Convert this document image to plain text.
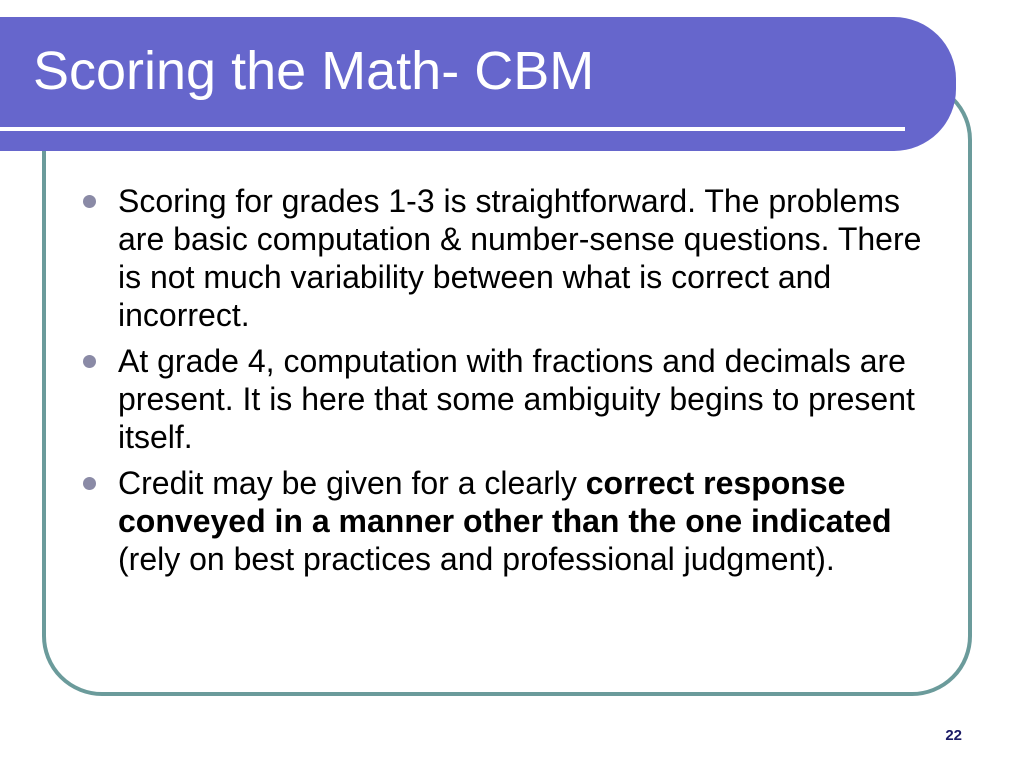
Scoring the Math- CBM
Scoring for grades 1-3 is straightforward. The problems are basic computation & number-sense questions. There is not much variability between what is correct and incorrect.
At grade 4, computation with fractions and decimals are present. It is here that some ambiguity begins to present itself.
Credit may be given for a clearly correct response conveyed in a manner other than the one indicated (rely on best practices and professional judgment).
22
